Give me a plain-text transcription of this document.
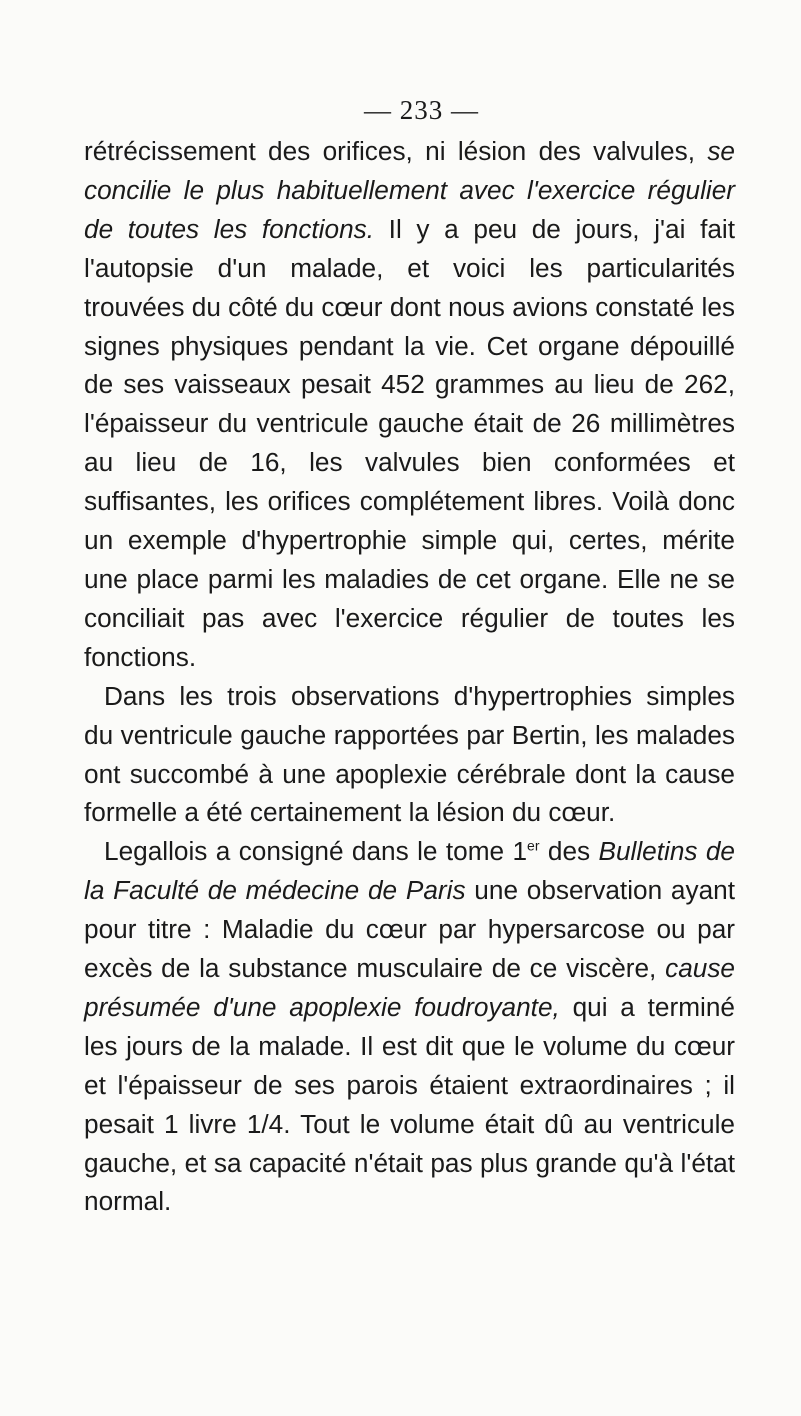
— 233 —

rétrécissement des orifices, ni lésion des valvules, se concilie le plus habituellement avec l'exercice régulier de toutes les fonctions. Il y a peu de jours, j'ai fait l'autopsie d'un malade, et voici les particularités trouvées du côté du cœur dont nous avions constaté les signes physiques pendant la vie. Cet organe dépouillé de ses vaisseaux pesait 452 grammes au lieu de 262, l'épaisseur du ventricule gauche était de 26 millimètres au lieu de 16, les valvules bien conformées et suffisantes, les orifices complétement libres. Voilà donc un exemple d'hypertrophie simple qui, certes, mérite une place parmi les maladies de cet organe. Elle ne se conciliait pas avec l'exercice régulier de toutes les fonctions.

Dans les trois observations d'hypertrophies simples du ventricule gauche rapportées par Bertin, les malades ont succombé à une apoplexie cérébrale dont la cause formelle a été certainement la lésion du cœur.

Legallois a consigné dans le tome 1er des Bulletins de la Faculté de médecine de Paris une observation ayant pour titre : Maladie du cœur par hypersarcose ou par excès de la substance musculaire de ce viscère, cause présumée d'une apoplexie foudroyante, qui a terminé les jours de la malade. Il est dit que le volume du cœur et l'épaisseur de ses parois étaient extraordinaires ; il pesait 1 livre 1/4. Tout le volume était dû au ventricule gauche, et sa capacité n'était pas plus grande qu'à l'état normal.
